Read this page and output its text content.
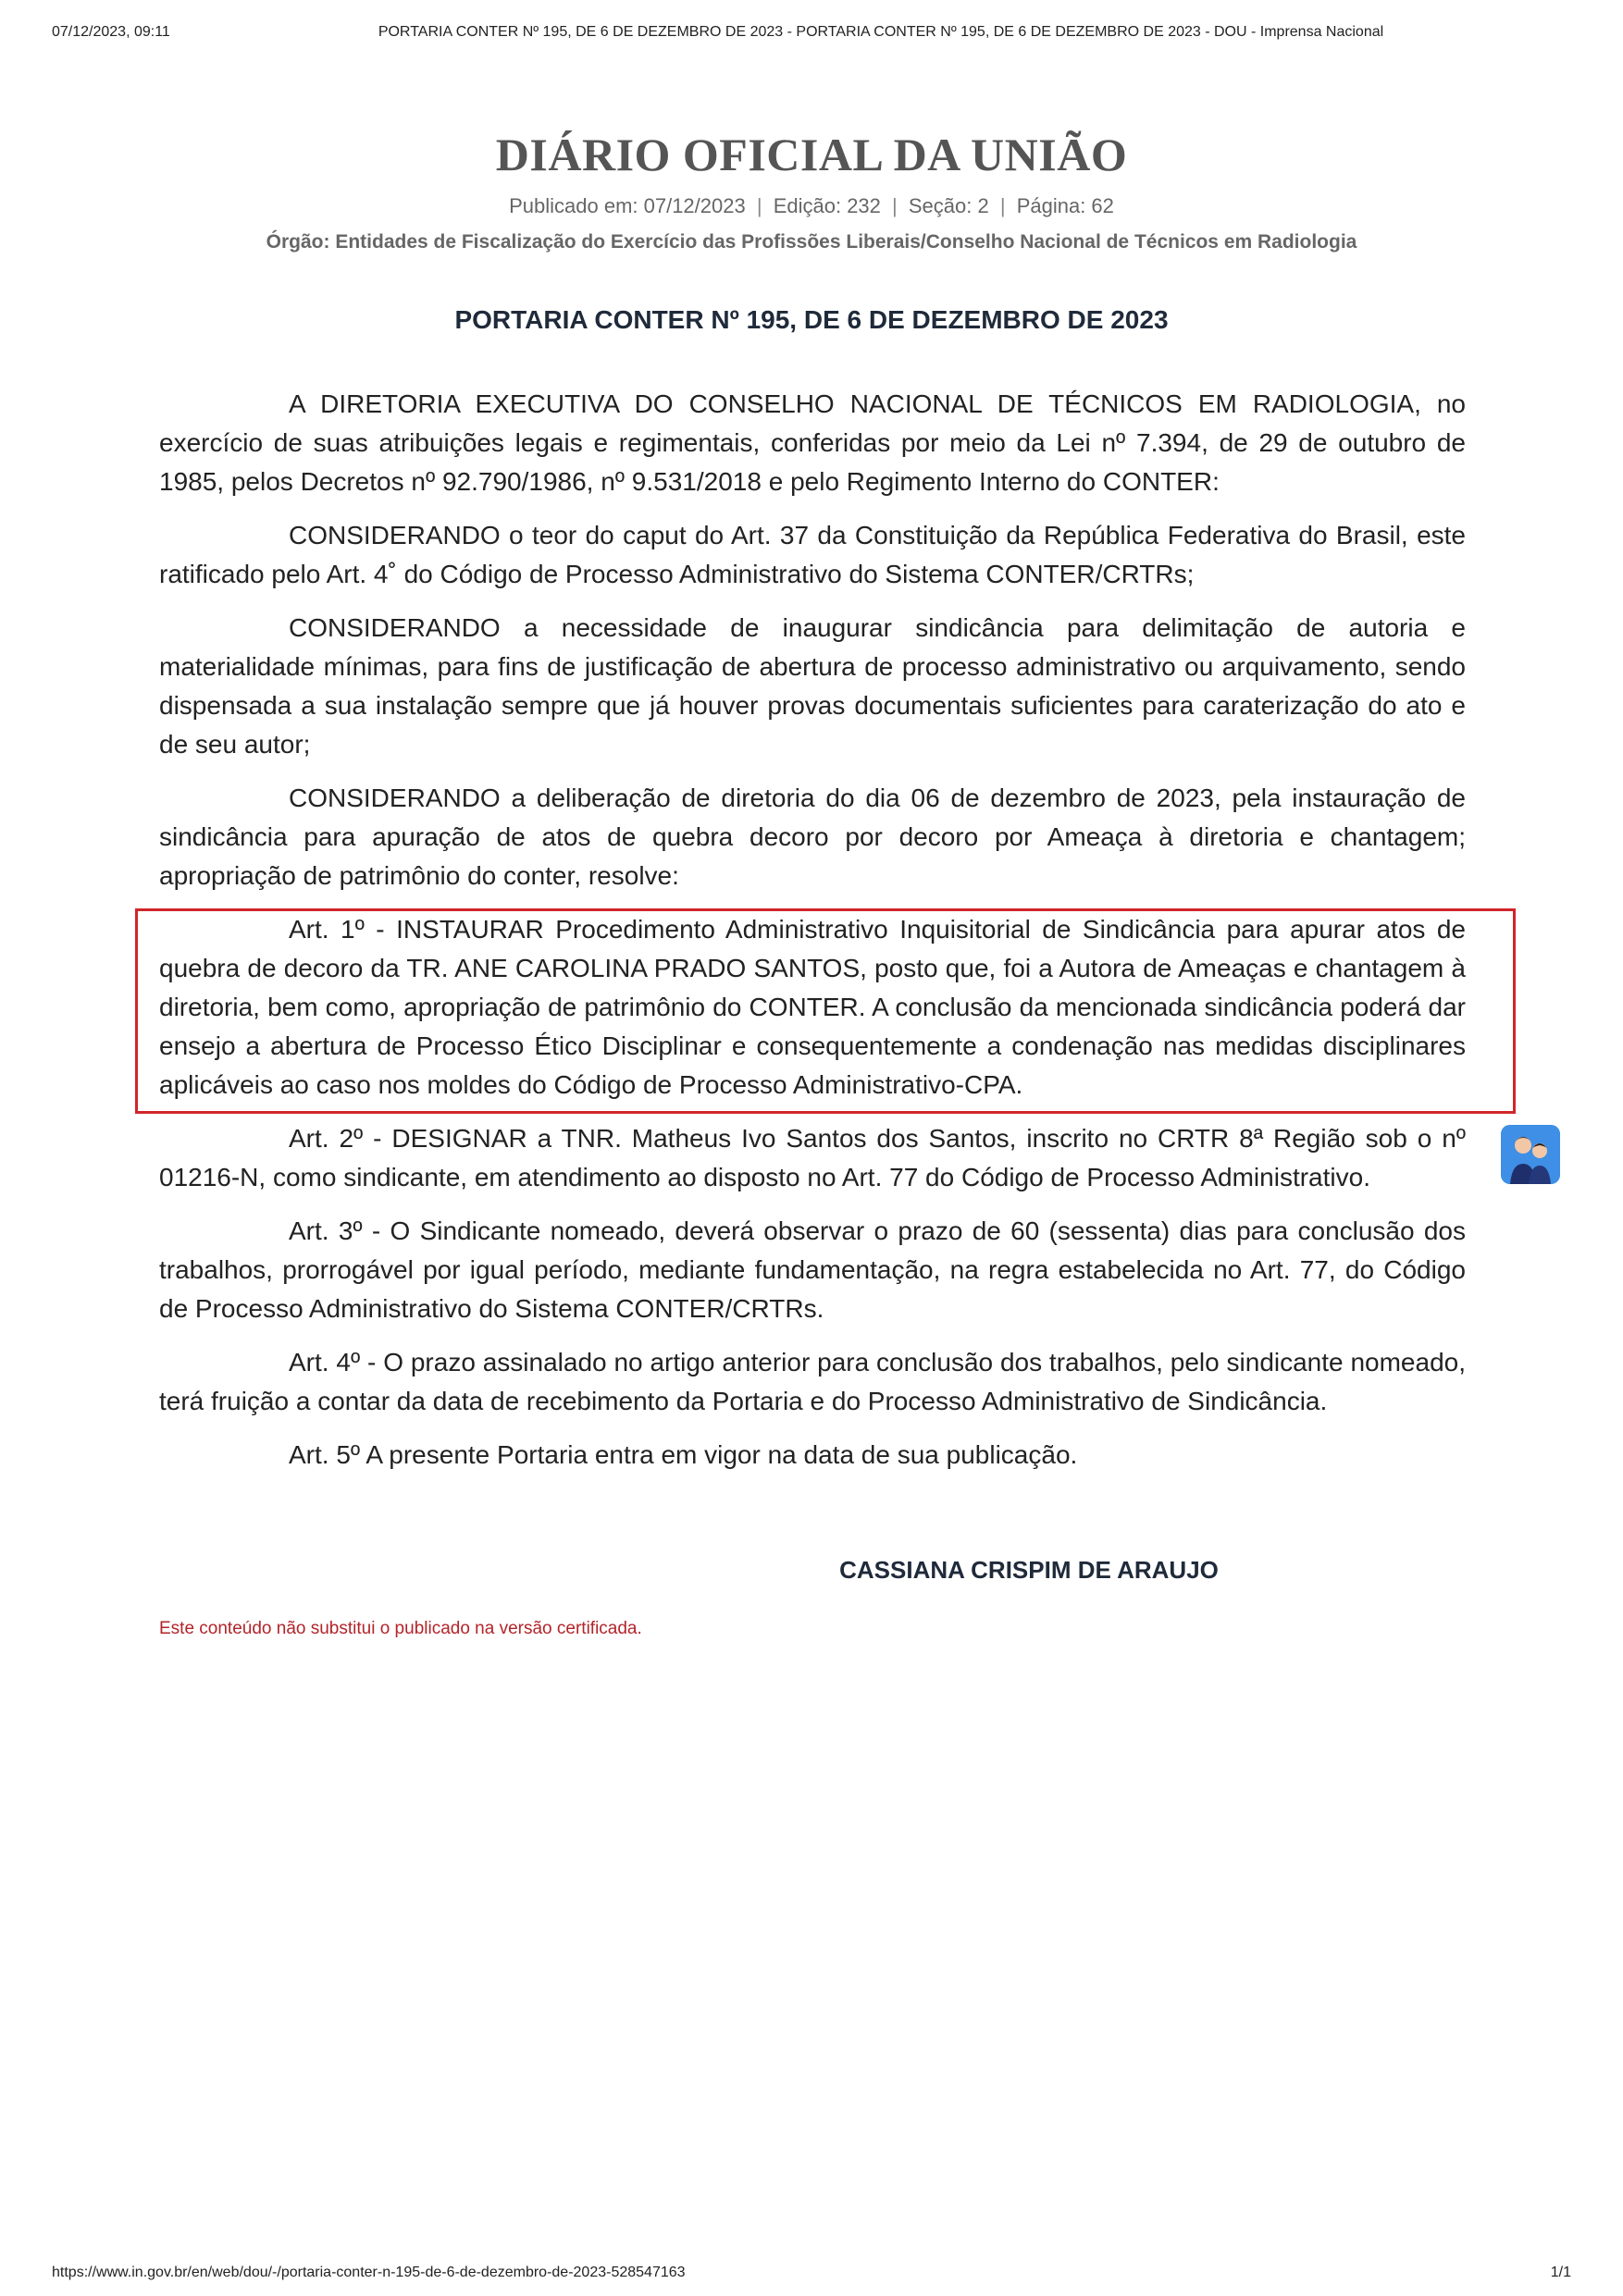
07/12/2023, 09:11	PORTARIA CONTER Nº 195, DE 6 DE DEZEMBRO DE 2023 - PORTARIA CONTER Nº 195, DE 6 DE DEZEMBRO DE 2023 - DOU - Imprensa Nacional
DIÁRIO OFICIAL DA UNIÃO
Publicado em: 07/12/2023 | Edição: 232 | Seção: 2 | Página: 62
Órgão: Entidades de Fiscalização do Exercício das Profissões Liberais/Conselho Nacional de Técnicos em Radiologia
PORTARIA CONTER Nº 195, DE 6 DE DEZEMBRO DE 2023

A DIRETORIA EXECUTIVA DO CONSELHO NACIONAL DE TÉCNICOS EM RADIOLOGIA, no exercício de suas atribuições legais e regimentais, conferidas por meio da Lei nº 7.394, de 29 de outubro de 1985, pelos Decretos nº 92.790/1986, nº 9.531/2018 e pelo Regimento Interno do CONTER:

CONSIDERANDO o teor do caput do Art. 37 da Constituição da República Federativa do Brasil, este ratificado pelo Art. 4˚ do Código de Processo Administrativo do Sistema CONTER/CRTRs;

CONSIDERANDO a necessidade de inaugurar sindicância para delimitação de autoria e materialidade mínimas, para fins de justificação de abertura de processo administrativo ou arquivamento, sendo dispensada a sua instalação sempre que já houver provas documentais suficientes para caraterização do ato e de seu autor;

CONSIDERANDO a deliberação de diretoria do dia 06 de dezembro de 2023, pela instauração de sindicância para apuração de atos de quebra decoro por decoro por Ameaça à diretoria e chantagem; apropriação de patrimônio do conter, resolve:

Art. 1º - INSTAURAR Procedimento Administrativo Inquisitorial de Sindicância para apurar atos de quebra de decoro da TR. ANE CAROLINA PRADO SANTOS, posto que, foi a Autora de Ameaças e chantagem à diretoria, bem como, apropriação de patrimônio do CONTER. A conclusão da mencionada sindicância poderá dar ensejo a abertura de Processo Ético Disciplinar e consequentemente a condenação nas medidas disciplinares aplicáveis ao caso nos moldes do Código de Processo Administrativo-CPA.

Art. 2º - DESIGNAR a TNR. Matheus Ivo Santos dos Santos, inscrito no CRTR 8ª Região sob o nº 01216-N, como sindicante, em atendimento ao disposto no Art. 77 do Código de Processo Administrativo.

Art. 3º - O Sindicante nomeado, deverá observar o prazo de 60 (sessenta) dias para conclusão dos trabalhos, prorrogável por igual período, mediante fundamentação, na regra estabelecida no Art. 77, do Código de Processo Administrativo do Sistema CONTER/CRTRs.

Art. 4º - O prazo assinalado no artigo anterior para conclusão dos trabalhos, pelo sindicante nomeado, terá fruição a contar da data de recebimento da Portaria e do Processo Administrativo de Sindicância.

Art. 5º A presente Portaria entra em vigor na data de sua publicação.

CASSIANA CRISPIM DE ARAUJO
Este conteúdo não substitui o publicado na versão certificada.
https://www.in.gov.br/en/web/dou/-/portaria-conter-n-195-de-6-de-dezembro-de-2023-528547163	1/1
